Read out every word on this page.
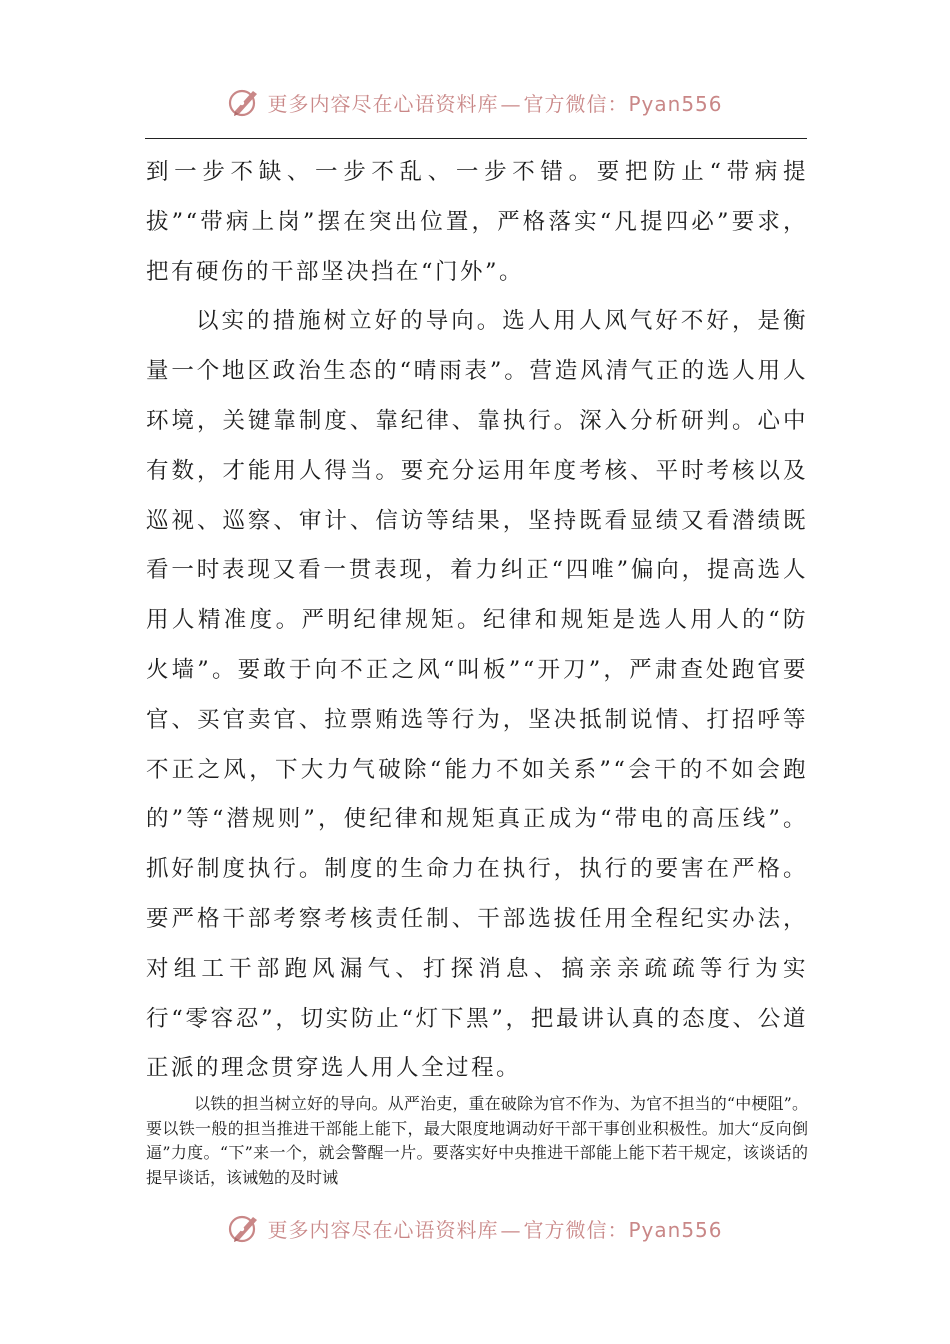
更多内容尽在心语资料库 — 官方微信：Pyan556

到一步不缺、一步不乱、一步不错。要把防止“带病提拔”“带病上岗”摆在突出位置，严格落实“凡提四必”要求，把有硬伤的干部坚决挡在“门外”。

以实的措施树立好的导向。选人用人风气好不好，是衡量一个地区政治生态的“晴雨表”。营造风清气正的选人用人环境，关键靠制度、靠纪律、靠执行。深入分析研判。心中有数，才能用人得当。要充分运用年度考核、平时考核以及巡视、巡察、审计、信访等结果，坚持既看显绩又看潜绩既看一时表现又看一贯表现，着力纠正“四唯”偏向，提高选人用人精准度。严明纪律规矩。纪律和规矩是选人用人的“防火墙”。要敢于向不正之风“叫板”“开刀”，严肃查处跑官要官、买官卖官、拉票贿选等行为，坚决抵制说情、打招呼等不正之风，下大力气破除“能力不如关系”“会干的不如会跑的”等“潜规则”，使纪律和规矩真正成为“带电的高压线”。抓好制度执行。制度的生命力在执行，执行的要害在严格。要严格干部考察考核责任制、干部选拔任用全程纪实办法，对组工干部跑风漏气、打探消息、搞亲亲疏疏等行为实行“零容忍”，切实防止“灯下黑”，把最讲认真的态度、公道正派的理念贯穿选人用人全过程。

以铁的担当树立好的导向。从严治吏，重在破除为官不作为、为官不担当的“中梗阻”。要以铁一般的担当推进干部能上能下，最大限度地调动好干部干事创业积极性。加大“反向倒逼”力度。“下”来一个，就会警醒一片。要落实好中央推进干部能上能下若干规定，该谈话的提早谈话，该诫勉的及时诫

更多内容尽在心语资料库 — 官方微信：Pyan556
